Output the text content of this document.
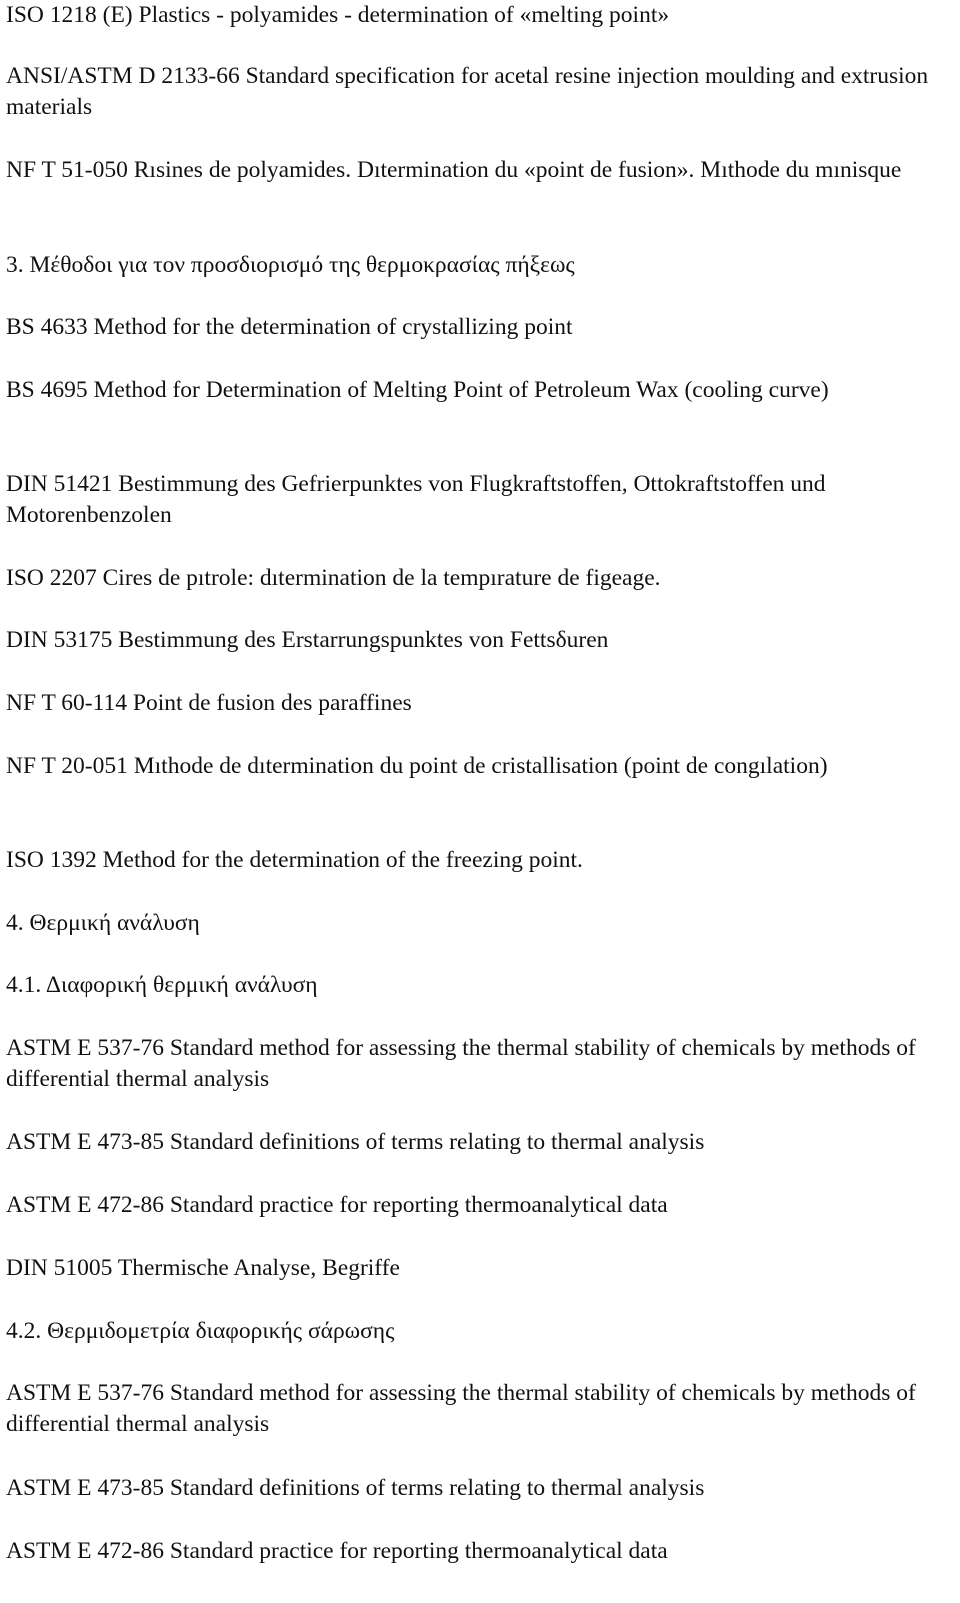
ISO 1218 (E) Plastics - polyamides - determination of «melting point»

ANSI/ASTM D 2133-66 Standard specification for acetal resine injection moulding and extrusion materials

NF T 51-050 Rısines de polyamides. Dıtermination du «point de fusion». Mıthode du mınisque

3. Μέθοδοι για τον προσδιορισμό της θερμοκρασίας πήξεως

BS 4633 Method for the determination of crystallizing point

BS 4695 Method for Determination of Melting Point of Petroleum Wax (cooling curve)

DIN 51421 Bestimmung des Gefrierpunktes von Flugkraftstoffen, Ottokraftstoffen und Motorenbenzolen

ISO 2207 Cires de pıtrole: dıtermination de la tempırature de figeage.

DIN 53175 Bestimmung des Erstarrungspunktes von Fettsδuren

NF T 60-114 Point de fusion des paraffines

NF T 20-051 Mıthode de dıtermination du point de cristallisation (point de congılation)

ISO 1392 Method for the determination of the freezing point.

4. Θερμική ανάλυση

4.1. Διαφορική θερμική ανάλυση

ASTM E 537-76 Standard method for assessing the thermal stability of chemicals by methods of differential thermal analysis

ASTM E 473-85 Standard definitions of terms relating to thermal analysis

ASTM E 472-86 Standard practice for reporting thermoanalytical data

DIN 51005 Thermische Analyse, Begriffe

4.2. Θερμιδομετρία διαφορικής σάρωσης

ASTM E 537-76 Standard method for assessing the thermal stability of chemicals by methods of differential thermal analysis

ASTM E 473-85 Standard definitions of terms relating to thermal analysis

ASTM E 472-86 Standard practice for reporting thermoanalytical data
